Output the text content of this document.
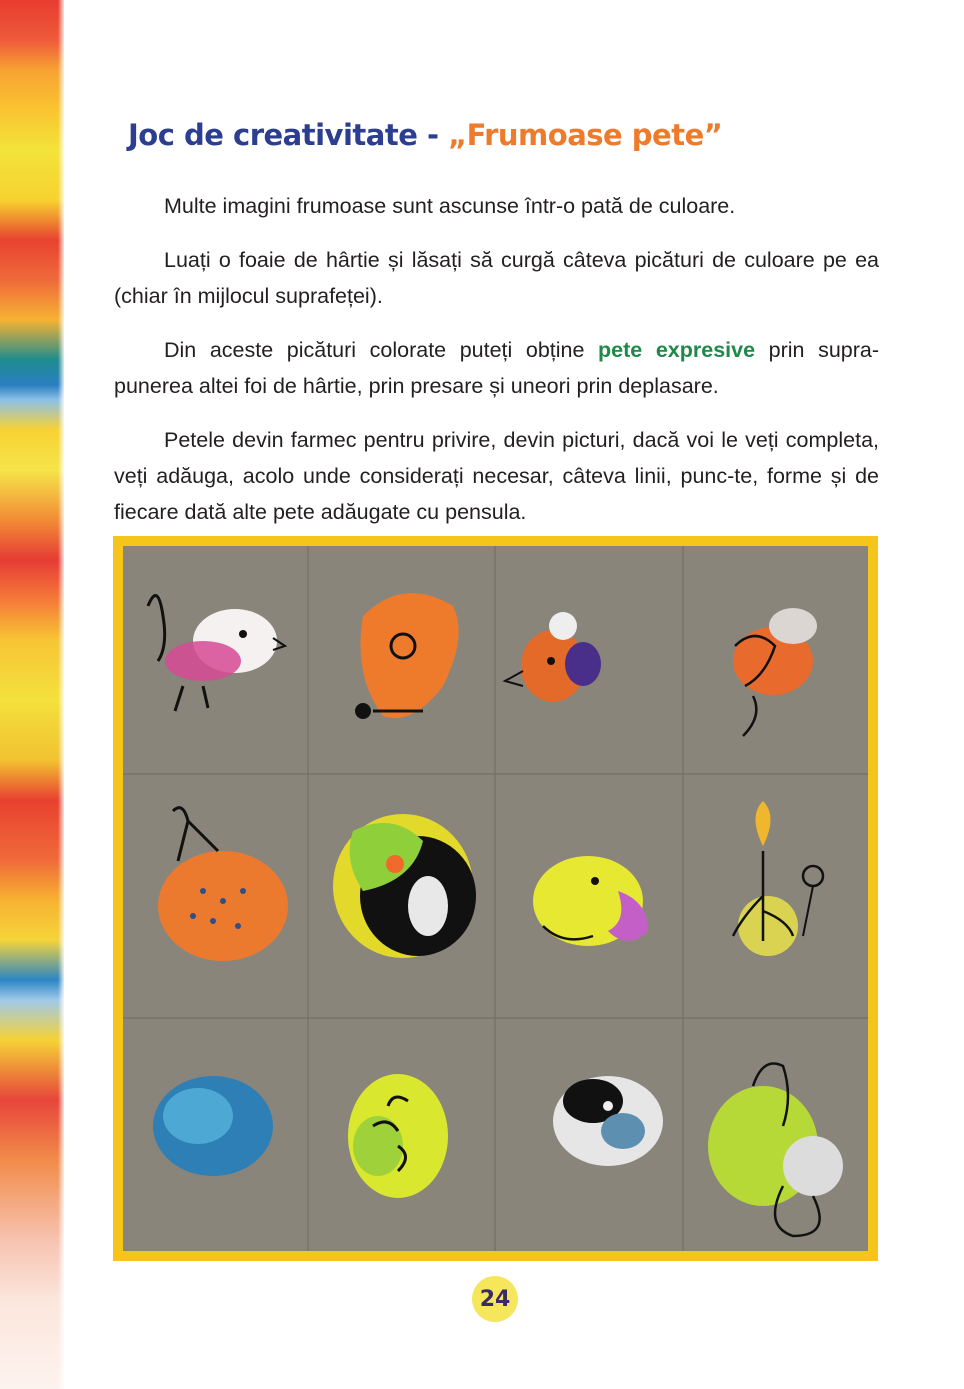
Joc de creativitate - „Frumoase pete”

Multe imagini frumoase sunt ascunse într-o pată de culoare.

Luați o foaie de hârtie și lăsați să curgă câteva picături de culoare pe ea (chiar în mijlocul suprafeței).

Din aceste picături colorate puteți obține pete expresive prin supra-punerea altei foi de hârtie, prin presare și uneori prin deplasare.

Petele devin farmec pentru privire, devin picturi, dacă voi le veți completa, veți adăuga, acolo unde considerați necesar, câteva linii, punc-te, forme și de fiecare dată alte pete adăugate cu pensula.

24
